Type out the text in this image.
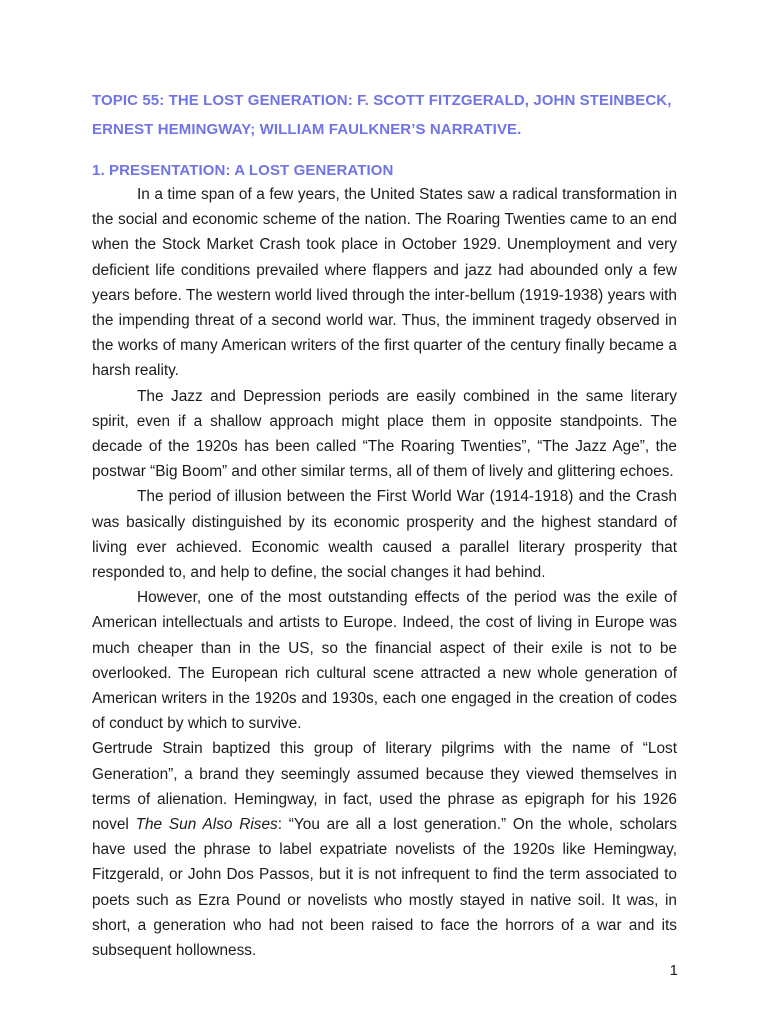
TOPIC 55: THE LOST GENERATION: F. SCOTT FITZGERALD, JOHN STEINBECK, ERNEST HEMINGWAY; WILLIAM FAULKNER’S NARRATIVE.
1. PRESENTATION: A LOST GENERATION

In a time span of a few years, the United States saw a radical transformation in the social and economic scheme of the nation. The Roaring Twenties came to an end when the Stock Market Crash took place in October 1929. Unemployment and very deficient life conditions prevailed where flappers and jazz had abounded only a few years before. The western world lived through the inter-bellum (1919-1938) years with the impending threat of a second world war. Thus, the imminent tragedy observed in the works of many American writers of the first quarter of the century finally became a harsh reality.

The Jazz and Depression periods are easily combined in the same literary spirit, even if a shallow approach might place them in opposite standpoints. The decade of the 1920s has been called “The Roaring Twenties”, “The Jazz Age”, the postwar “Big Boom” and other similar terms, all of them of lively and glittering echoes.

The period of illusion between the First World War (1914-1918) and the Crash was basically distinguished by its economic prosperity and the highest standard of living ever achieved. Economic wealth caused a parallel literary prosperity that responded to, and help to define, the social changes it had behind.

However, one of the most outstanding effects of the period was the exile of American intellectuals and artists to Europe. Indeed, the cost of living in Europe was much cheaper than in the US, so the financial aspect of their exile is not to be overlooked. The European rich cultural scene attracted a new whole generation of American writers in the 1920s and 1930s, each one engaged in the creation of codes of conduct by which to survive.

Gertrude Strain baptized this group of literary pilgrims with the name of “Lost Generation”, a brand they seemingly assumed because they viewed themselves in terms of alienation. Hemingway, in fact, used the phrase as epigraph for his 1926 novel The Sun Also Rises: “You are all a lost generation.” On the whole, scholars have used the phrase to label expatriate novelists of the 1920s like Hemingway, Fitzgerald, or John Dos Passos, but it is not infrequent to find the term associated to poets such as Ezra Pound or novelists who mostly stayed in native soil. It was, in short, a generation who had not been raised to face the horrors of a war and its subsequent hollowness.

1
